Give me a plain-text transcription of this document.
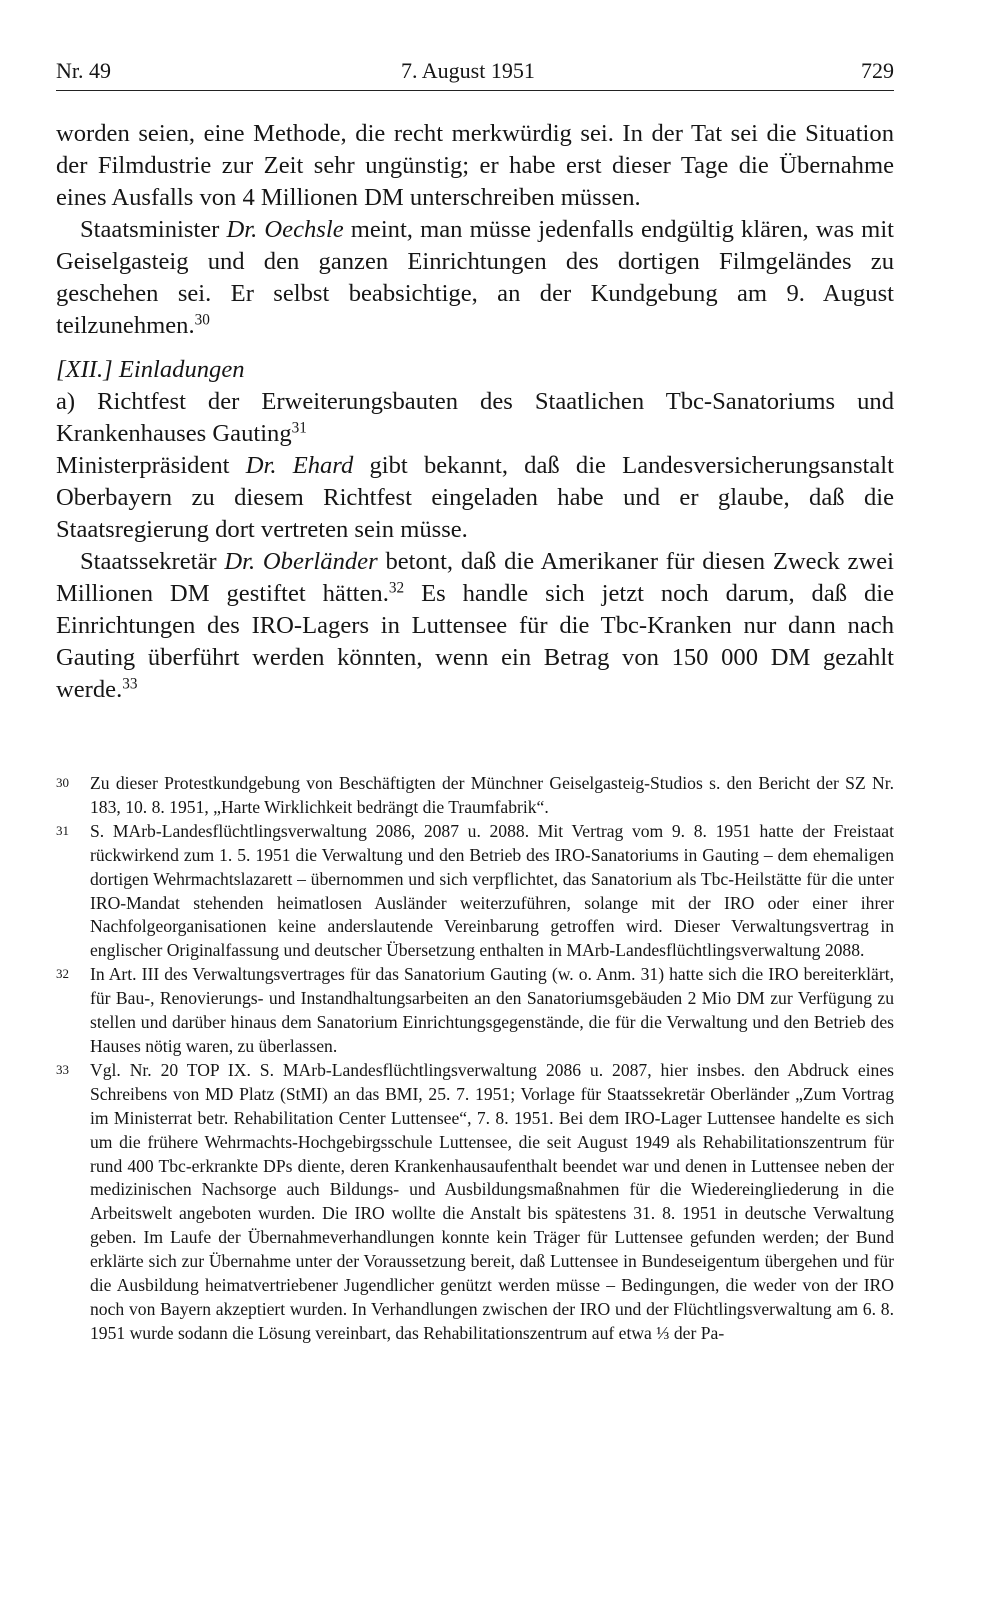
Nr. 49	7. August 1951	729

worden seien, eine Methode, die recht merkwürdig sei. In der Tat sei die Situation der Filmdustrie zur Zeit sehr ungünstig; er habe erst dieser Tage die Übernahme eines Ausfalls von 4 Millionen DM unterschreiben müssen.

Staatsminister Dr. Oechsle meint, man müsse jedenfalls endgültig klären, was mit Geiselgasteig und den ganzen Einrichtungen des dortigen Filmgeländes zu geschehen sei. Er selbst beabsichtige, an der Kundgebung am 9. August teilzunehmen.$^{30}$

[XII.] Einladungen

a) Richtfest der Erweiterungsbauten des Staatlichen Tbc-Sanatoriums und Krankenhauses Gauting$^{31}$

Ministerpräsident Dr. Ehard gibt bekannt, daß die Landesversicherungsanstalt Oberbayern zu diesem Richtfest eingeladen habe und er glaube, daß die Staatsregierung dort vertreten sein müsse.

Staatssekretär Dr. Oberländer betont, daß die Amerikaner für diesen Zweck zwei Millionen DM gestiftet hätten.$^{32}$ Es handle sich jetzt noch darum, daß die Einrichtungen des IRO-Lagers in Luttensee für die Tbc-Kranken nur dann nach Gauting überführt werden könnten, wenn ein Betrag von 150 000 DM gezahlt werde.$^{33}$

30 Zu dieser Protestkundgebung von Beschäftigten der Münchner Geiselgasteig-Studios s. den Bericht der SZ Nr. 183, 10. 8. 1951, „Harte Wirklichkeit bedrängt die Traumfabrik“.

31 S. MArb-Landesflüchtlingsverwaltung 2086, 2087 u. 2088. Mit Vertrag vom 9. 8. 1951 hatte der Freistaat rückwirkend zum 1. 5. 1951 die Verwaltung und den Betrieb des IRO-Sanatoriums in Gauting – dem ehemaligen dortigen Wehrmachtslazarett – übernommen und sich verpflichtet, das Sanatorium als Tbc-Heilstätte für die unter IRO-Mandat stehenden heimatlosen Ausländer weiterzuführen, solange mit der IRO oder einer ihrer Nachfolgeorganisationen keine anderslautende Vereinbarung getroffen wird. Dieser Verwaltungsvertrag in englischer Originalfassung und deutscher Übersetzung enthalten in MArb-Landesflüchtlingsverwaltung 2088.

32 In Art. III des Verwaltungsvertrages für das Sanatorium Gauting (w. o. Anm. 31) hatte sich die IRO bereiterklärt, für Bau-, Renovierungs- und Instandhaltungsarbeiten an den Sanatoriumsgebäuden 2 Mio DM zur Verfügung zu stellen und darüber hinaus dem Sanatorium Einrichtungsgegenstände, die für die Verwaltung und den Betrieb des Hauses nötig waren, zu überlassen.

33 Vgl. Nr. 20 TOP IX. S. MArb-Landesflüchtlingsverwaltung 2086 u. 2087, hier insbes. den Abdruck eines Schreibens von MD Platz (StMI) an das BMI, 25. 7. 1951; Vorlage für Staatssekretär Oberländer „Zum Vortrag im Ministerrat betr. Rehabilitation Center Luttensee“, 7. 8. 1951. Bei dem IRO-Lager Luttensee handelte es sich um die frühere Wehrmachts-Hochgebirgsschule Luttensee, die seit August 1949 als Rehabilitationszentrum für rund 400 Tbc-erkrankte DPs diente, deren Krankenhausaufenthalt beendet war und denen in Luttensee neben der medizinischen Nachsorge auch Bildungs- und Ausbildungsmaßnahmen für die Wiedereingliederung in die Arbeitswelt angeboten wurden. Die IRO wollte die Anstalt bis spätestens 31. 8. 1951 in deutsche Verwaltung geben. Im Laufe der Übernahmeverhandlungen konnte kein Träger für Luttensee gefunden werden; der Bund erklärte sich zur Übernahme unter der Voraussetzung bereit, daß Luttensee in Bundeseigentum übergehen und für die Ausbildung heimatvertriebener Jugendlicher genützt werden müsse – Bedingungen, die weder von der IRO noch von Bayern akzeptiert wurden. In Verhandlungen zwischen der IRO und der Flüchtlingsverwaltung am 6. 8. 1951 wurde sodann die Lösung vereinbart, das Rehabilitationszentrum auf etwa ⅓ der Pa-
